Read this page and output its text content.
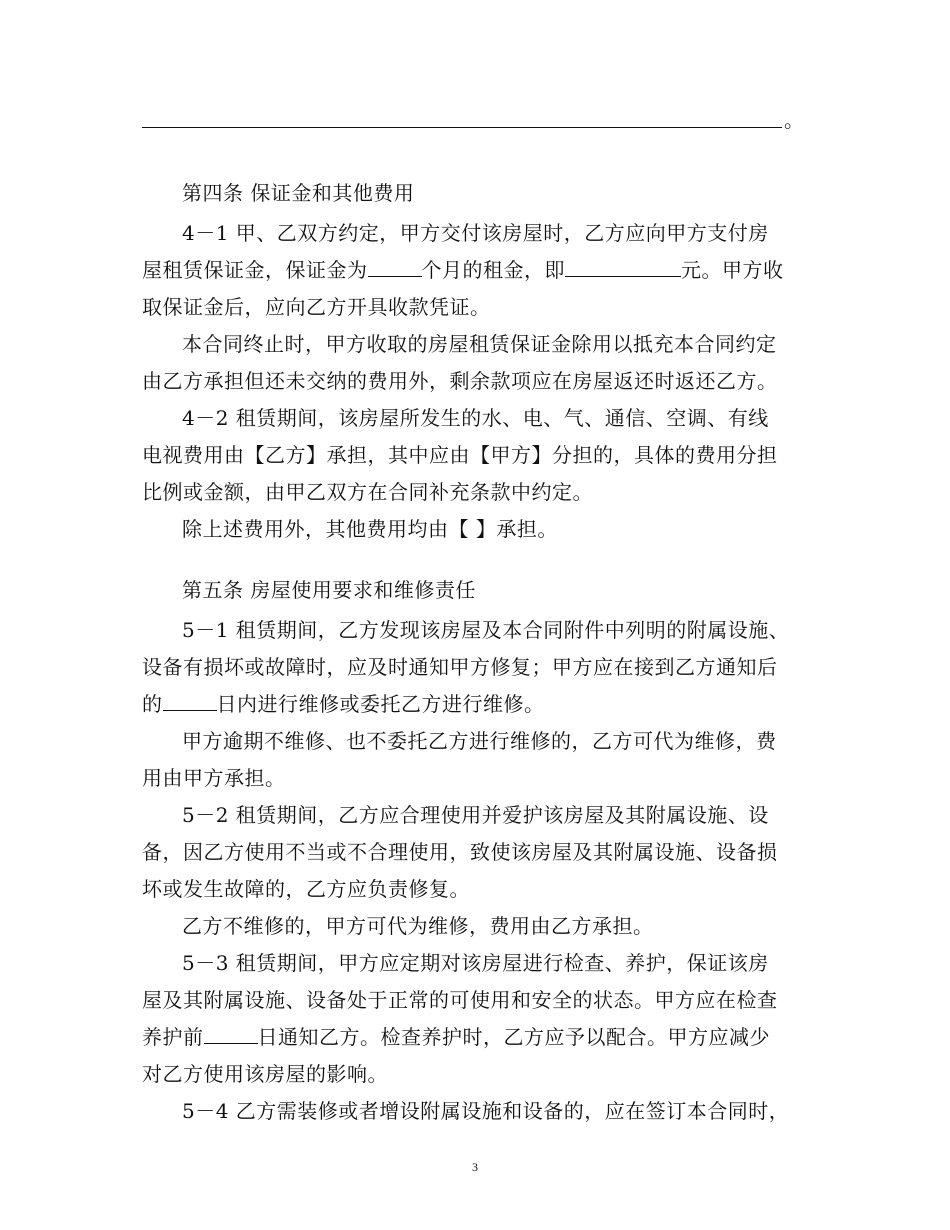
。
第四条 保证金和其他费用
4－1 甲、乙双方约定，甲方交付该房屋时，乙方应向甲方支付房
屋租赁保证金，保证金为	个月的租金，即	元。甲方收
取保证金后，应向乙方开具收款凭证。
本合同终止时，甲方收取的房屋租赁保证金除用以抵充本合同约定
由乙方承担但还未交纳的费用外，剩余款项应在房屋返还时返还乙方。
4－2 租赁期间，该房屋所发生的水、电、气、通信、空调、有线
电视费用由【乙方】承担，其中应由【甲方】分担的，具体的费用分担
比例或金额，由甲乙双方在合同补充条款中约定。
除上述费用外，其他费用均由【 】承担。
第五条 房屋使用要求和维修责任
5－1 租赁期间，乙方发现该房屋及本合同附件中列明的附属设施、
设备有损坏或故障时，应及时通知甲方修复；甲方应在接到乙方通知后
的	日内进行维修或委托乙方进行维修。
甲方逾期不维修、也不委托乙方进行维修的，乙方可代为维修，费
用由甲方承担。
5－2 租赁期间，乙方应合理使用并爱护该房屋及其附属设施、设
备，因乙方使用不当或不合理使用，致使该房屋及其附属设施、设备损
坏或发生故障的，乙方应负责修复。
乙方不维修的，甲方可代为维修，费用由乙方承担。
5－3 租赁期间，甲方应定期对该房屋进行检查、养护，保证该房
屋及其附属设施、设备处于正常的可使用和安全的状态。甲方应在检查
养护前	日通知乙方。检查养护时，乙方应予以配合。甲方应减少
对乙方使用该房屋的影响。
5－4 乙方需装修或者增设附属设施和设备的，应在签订本合同时，
3
